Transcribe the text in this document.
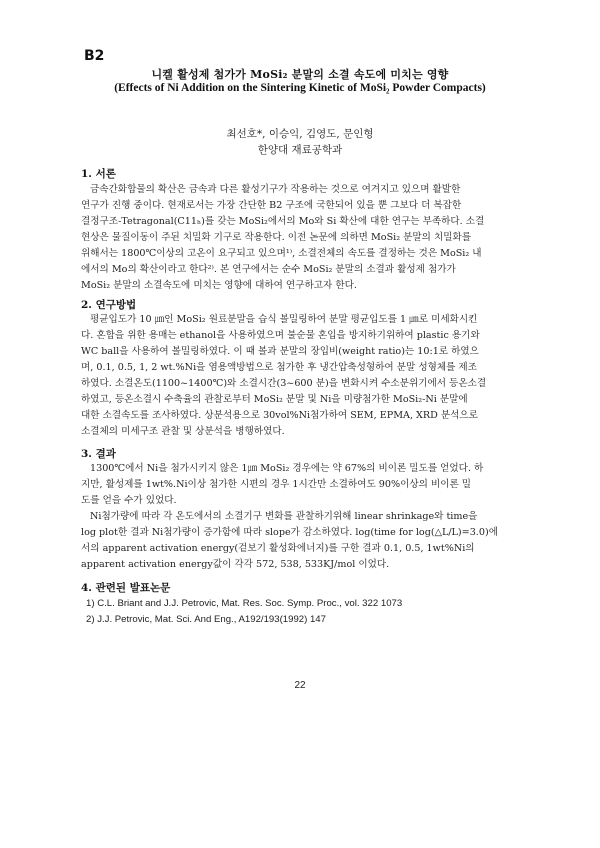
B2
니켈 활성제 첨가가 MoSi₂ 분말의 소결 속도에 미치는 영향
(Effects of Ni Addition on the Sintering Kinetic of MoSi₂ Powder Compacts)
최선호*, 이승익, 김영도, 문인형
한양대 재료공학과
1. 서론
금속간화합물의 확산은 금속과 다른 활성기구가 작용하는 것으로 여겨지고 있으며 활발한
연구가 진행 중이다. 현재로서는 가장 간단한 B2 구조에 국한되어 있을 뿐 그보다 더 복잡한
결정구조-Tetragonal(C11ₕ)를 갖는 MoSi₂에서의 Mo와 Si 확산에 대한 연구는 부족하다. 소결
현상은 물질이동이 주된 치밀화 기구로 작용한다. 이전 논문에 의하면 MoSi₂ 분말의 치밀화를
위해서는 1800℃이상의 고온이 요구되고 있으며¹⁾, 소결전체의 속도를 결정하는 것은 MoSi₂ 내
에서의 Mo의 확산이라고 한다²⁾. 본 연구에서는 순수 MoSi₂ 분말의 소결과 활성제 첨가가
MoSi₂ 분말의 소결속도에 미치는 영향에 대하여 연구하고자 한다.
2. 연구방법
평균입도가 10 ㎛인 MoSi₂ 원료분말을 습식 볼밀링하여 분말 평균입도를 1 ㎛로 미세화시킨
다. 혼합을 위한 용매는 ethanol을 사용하였으며 불순물 혼입을 방지하기위하여 plastic 용기와
WC ball을 사용하여 볼밀링하였다. 이 때 볼과 분말의 장입비(weight ratio)는 10:1로 하였으
며, 0.1, 0.5, 1, 2 wt.%Ni을 염용액방법으로 첨가한 후 냉간압축성형하여 분말 성형체를 제조
하였다. 소결온도(1100~1400℃)와 소결시간(3~600 분)을 변화시켜 수소분위기에서 등온소결
하였고, 등온소결시 수축율의 관찰로부터 MoSi₂ 분말 및 Ni을 미량첨가한 MoSi₂-Ni 분말에
대한 소결속도를 조사하였다. 상분석용으로 30vol%Ni첨가하여 SEM, EPMA, XRD 분석으로
소결체의 미세구조 관찰 및 상분석을 병행하였다.
3. 결과
1300℃에서 Ni을 첨가시키지 않은 1㎛ MoSi₂ 경우에는 약 67%의 비이론 밀도를 얻었다. 하
지만, 활성제를 1wt%.Ni이상 첨가한 시편의 경우 1시간만 소결하여도 90%이상의 비이론 밀
도를 얻을 수가 있었다.
Ni첨가량에 따라 각 온도에서의 소결기구 변화를 관찰하기위해 linear shrinkage와 time을
log plot한 결과 Ni첨가량이 증가함에 따라 slope가 감소하였다. log(time for log(△L/L)=3.0)에
서의 apparent activation energy(겉보기 활성화에너지)를 구한 결과 0.1, 0.5, 1wt%Ni의
apparent activation energy값이 각각 572, 538, 533KJ/mol 이었다.
4. 관련된 발표논문
1) C.L. Briant and J.J. Petrovic, Mat. Res. Soc. Symp. Proc., vol. 322 1073
2) J.J. Petrovic, Mat. Sci. And Eng., A192/193(1992) 147
22
